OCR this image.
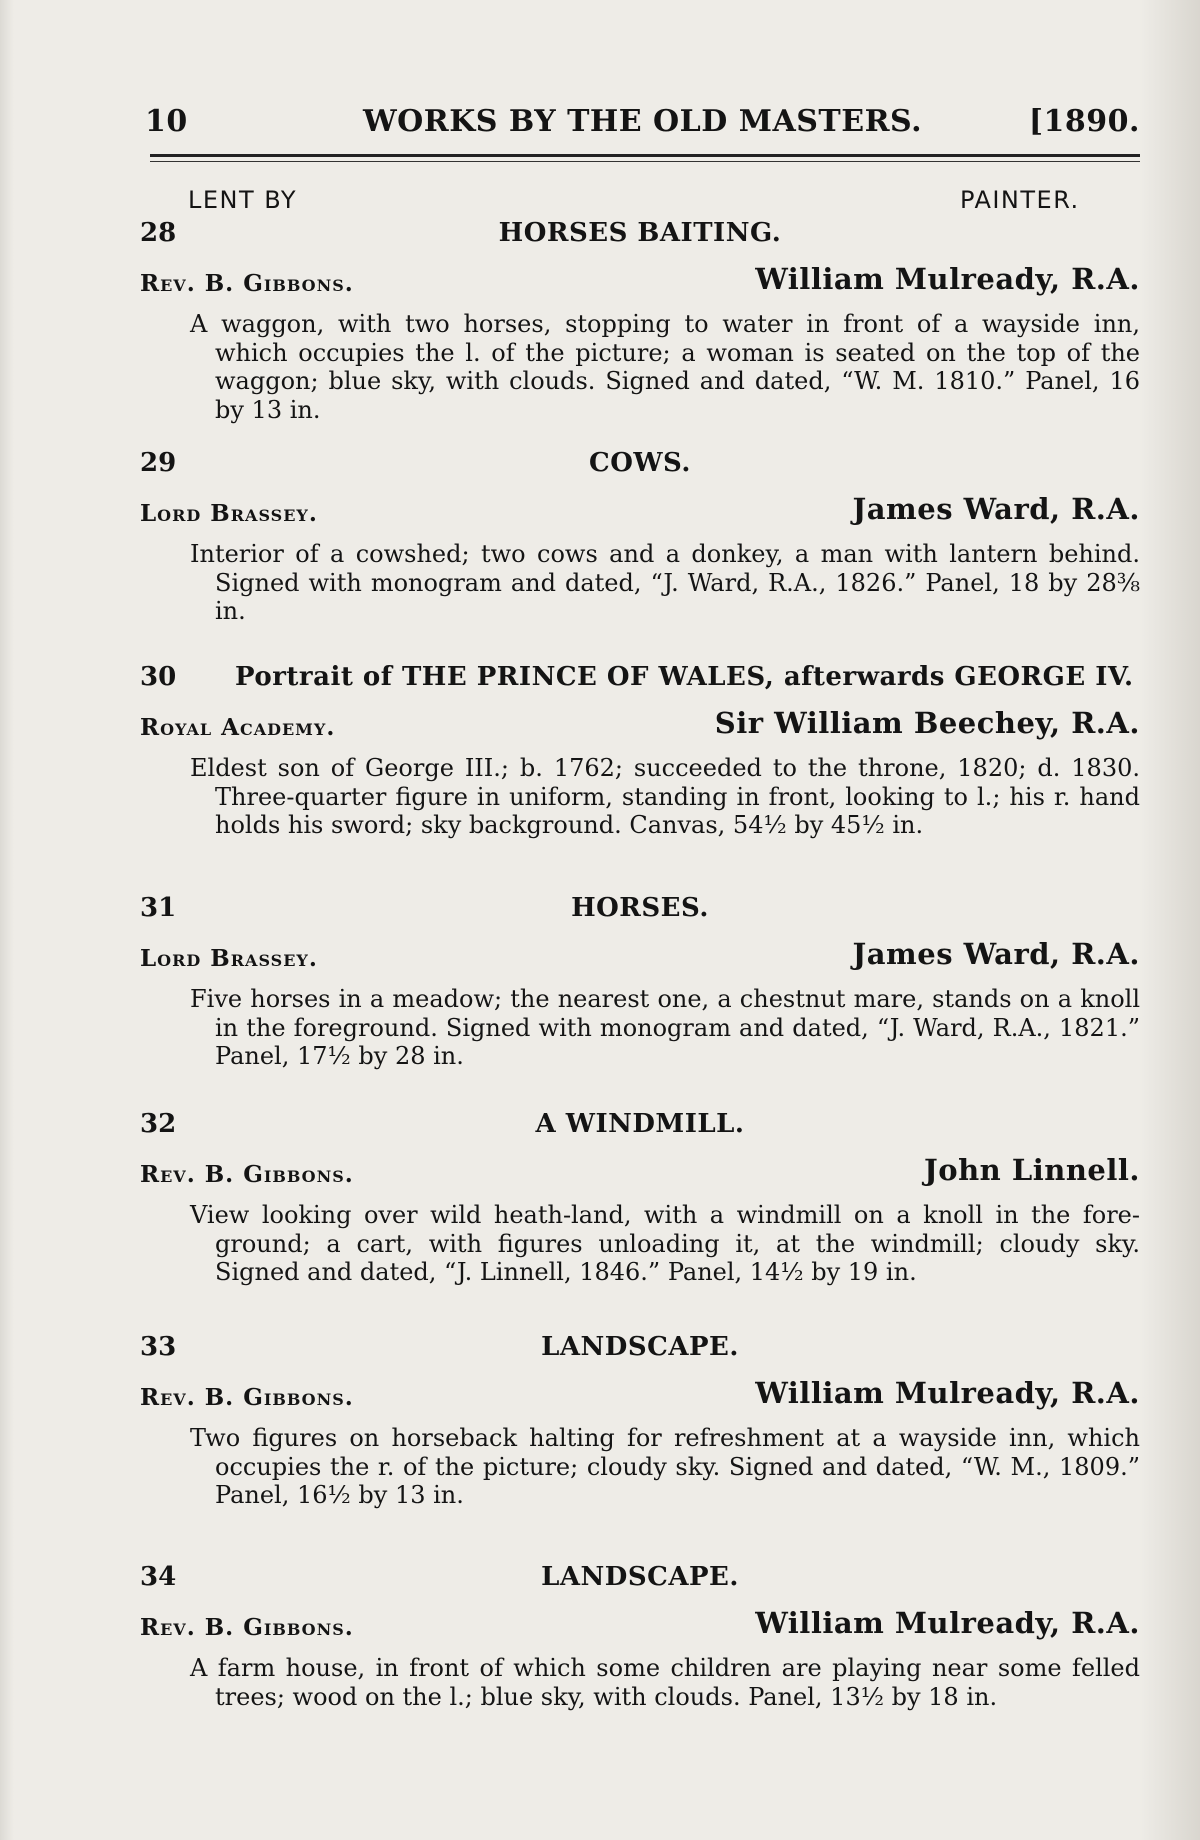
10	WORKS BY THE OLD MASTERS.	[1890.
LENT BY	PAINTER.
28	HORSES BAITING.
Rev. B. Gibbons.	William Mulready, R.A.
A waggon, with two horses, stopping to water in front of a wayside inn, which occupies the l. of the picture; a woman is seated on the top of the waggon; blue sky, with clouds. Signed and dated, “W. M. 1810.” Panel, 16 by 13 in.
29	COWS.
Lord Brassey.	James Ward, R.A.
Interior of a cowshed; two cows and a donkey, a man with lantern behind. Signed with monogram and dated, “J. Ward, R.A., 1826.” Panel, 18 by 28⅜ in.
30 Portrait of THE PRINCE OF WALES, afterwards GEORGE IV.
Royal Academy.	Sir William Beechey, R.A.
Eldest son of George III.; b. 1762; succeeded to the throne, 1820; d. 1830. Three-quarter figure in uniform, standing in front, looking to l.; his r. hand holds his sword; sky background. Canvas, 54½ by 45½ in.
31	HORSES.
Lord Brassey.	James Ward, R.A.
Five horses in a meadow; the nearest one, a chestnut mare, stands on a knoll in the foreground. Signed with monogram and dated, “J. Ward, R.A., 1821.” Panel, 17½ by 28 in.
32	A WINDMILL.
Rev. B. Gibbons.	John Linnell.
View looking over wild heath-land, with a windmill on a knoll in the fore-ground; a cart, with figures unloading it, at the windmill; cloudy sky. Signed and dated, “J. Linnell, 1846.” Panel, 14½ by 19 in.
33	LANDSCAPE.
Rev. B. Gibbons.	William Mulready, R.A.
Two figures on horseback halting for refreshment at a wayside inn, which occupies the r. of the picture; cloudy sky. Signed and dated, “W. M., 1809.” Panel, 16½ by 13 in.
34	LANDSCAPE.
Rev. B. Gibbons.	William Mulready, R.A.
A farm house, in front of which some children are playing near some felled trees; wood on the l.; blue sky, with clouds. Panel, 13½ by 18 in.
